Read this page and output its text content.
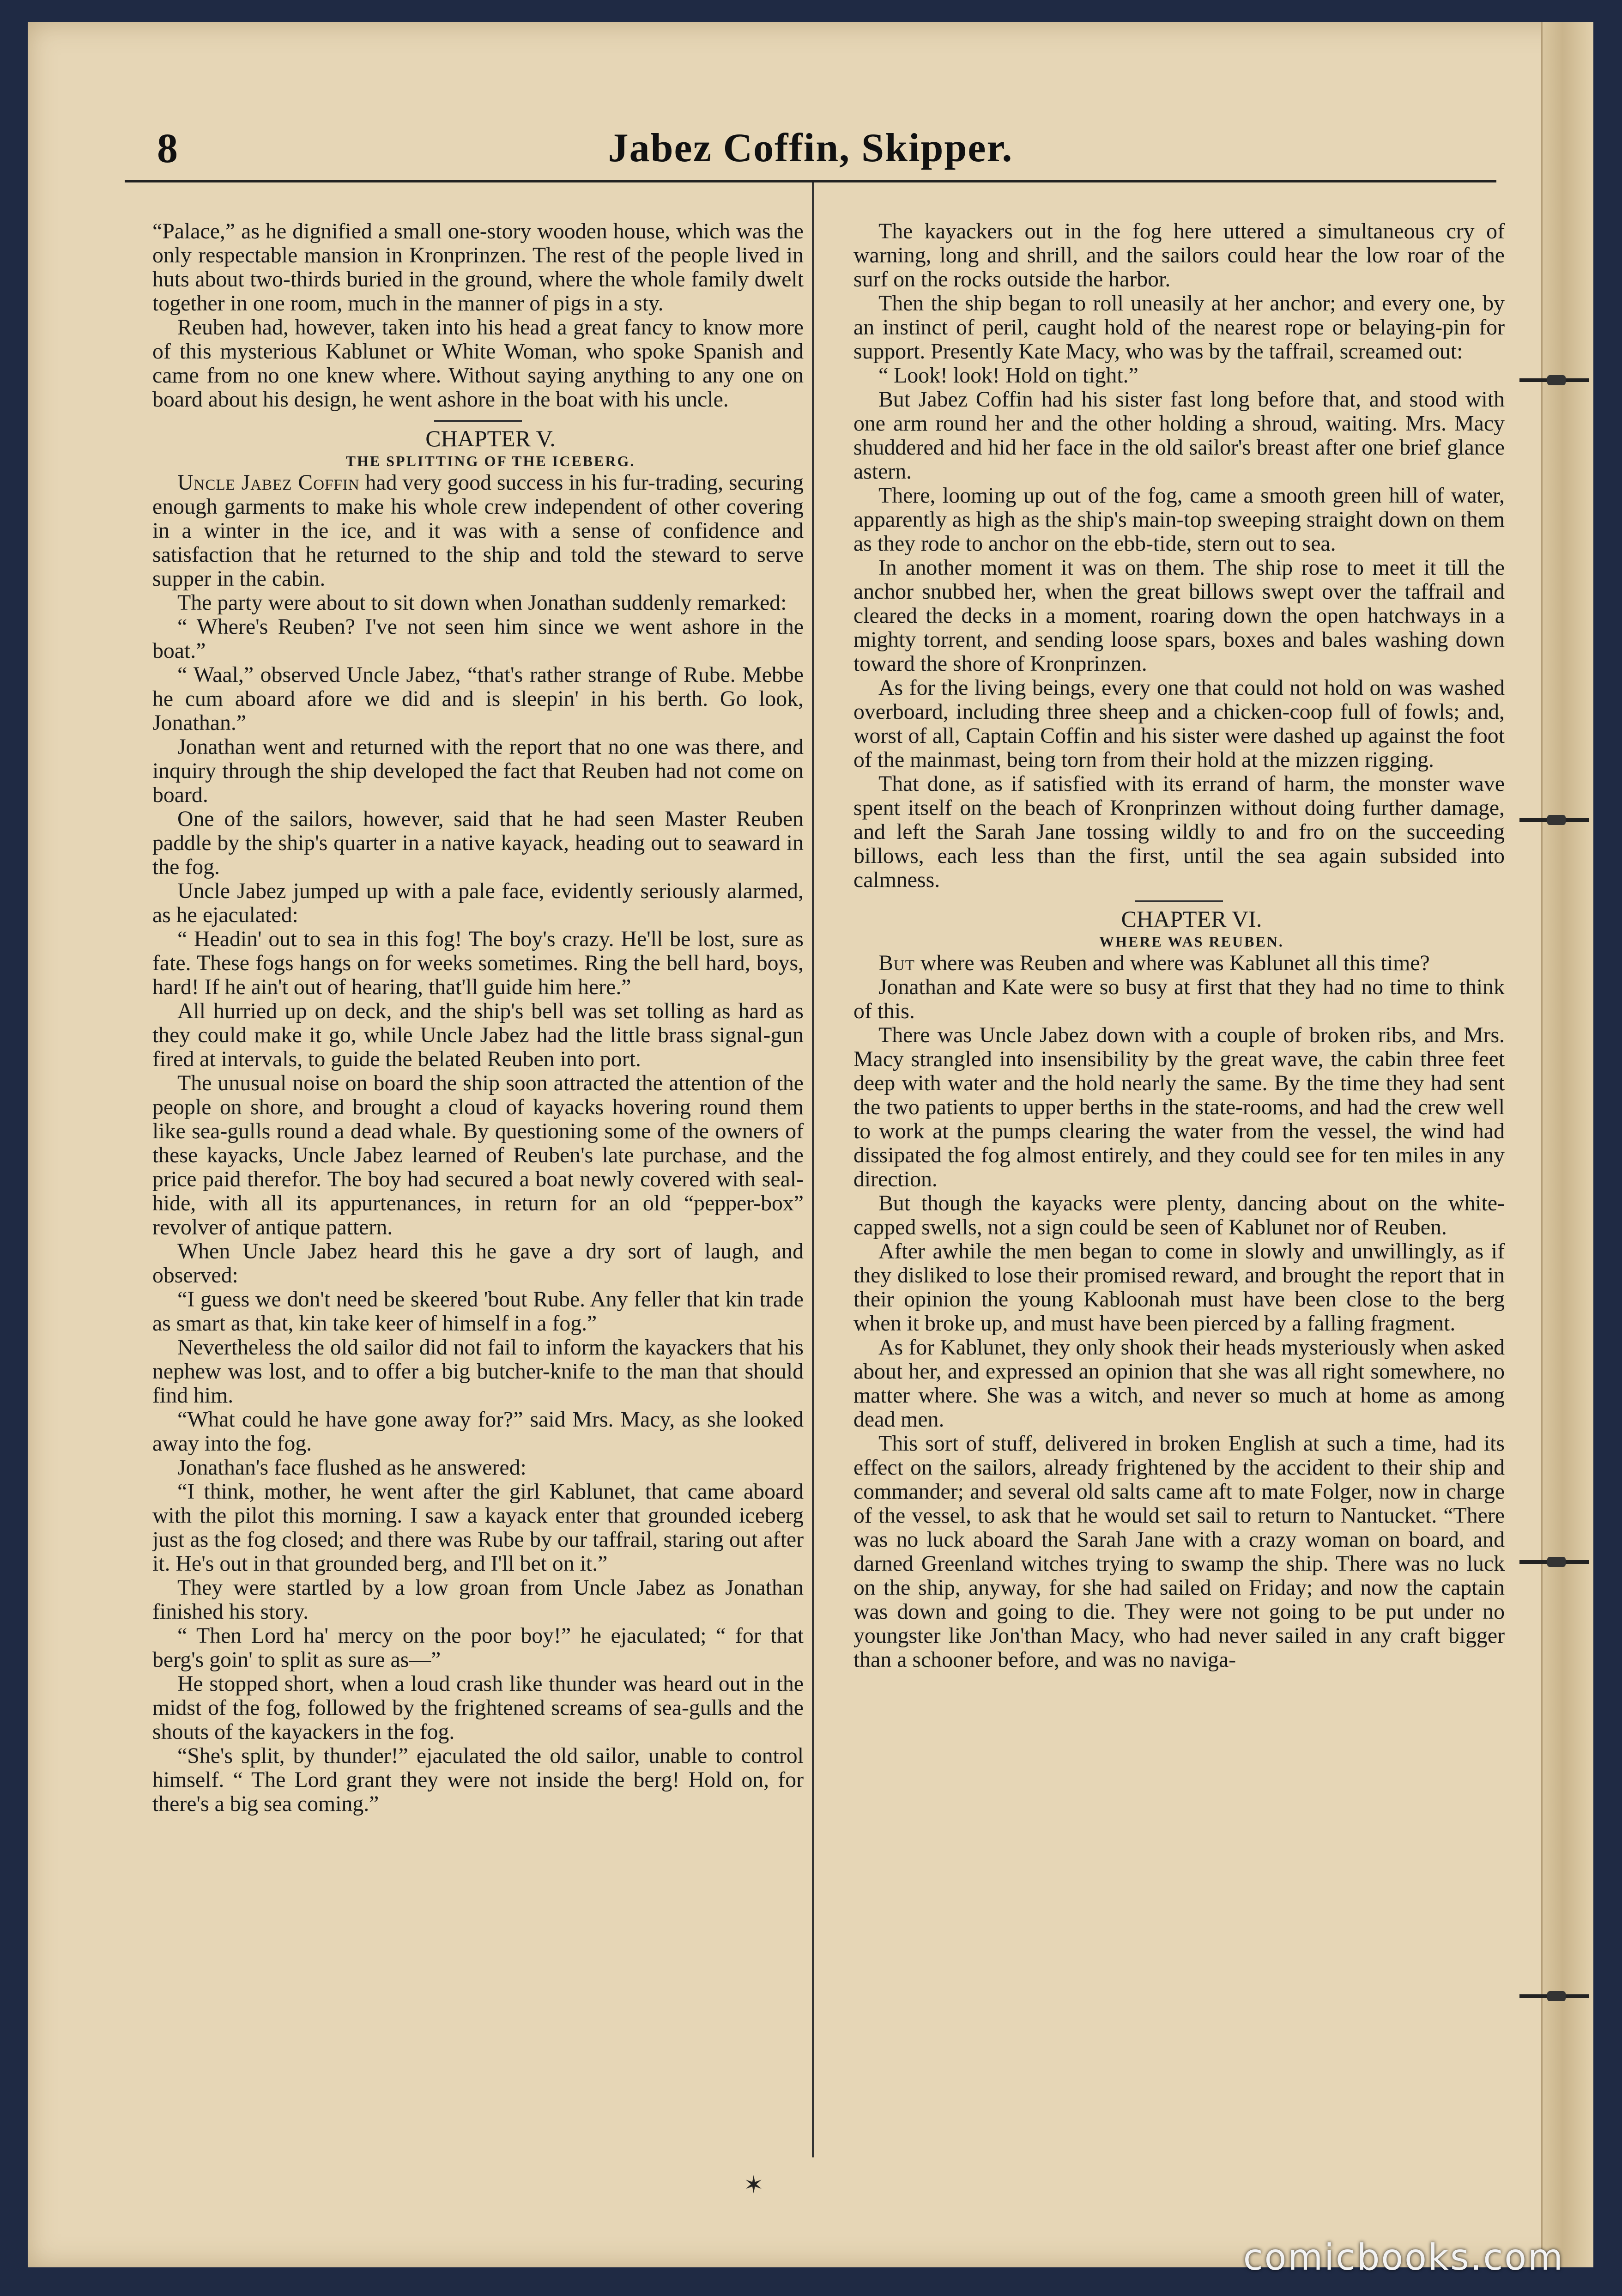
8	Jabez Coffin, Skipper.

“Palace,” as he dignified a small one-story wooden house, which was the only respectable mansion in Kronprinzen. The rest of the people lived in huts about two-thirds buried in the ground, where the whole family dwelt together in one room, much in the manner of pigs in a sty.

Reuben had, however, taken into his head a great fancy to know more of this mysterious Kablunet or White Woman, who spoke Spanish and came from no one knew where. Without saying anything to any one on board about his design, he went ashore in the boat with his uncle.

CHAPTER V.

THE SPLITTING OF THE ICEBERG.

Uncle Jabez Coffin had very good success in his fur-trading, securing enough garments to make his whole crew independent of other covering in a winter in the ice, and it was with a sense of confidence and satisfaction that he returned to the ship and told the steward to serve supper in the cabin.

The party were about to sit down when Jonathan suddenly remarked:

“ Where's Reuben? I've not seen him since we went ashore in the boat.”

“ Waal,” observed Uncle Jabez, “that's rather strange of Rube. Mebbe he cum aboard afore we did and is sleepin' in his berth. Go look, Jonathan.”

Jonathan went and returned with the report that no one was there, and inquiry through the ship developed the fact that Reuben had not come on board.

One of the sailors, however, said that he had seen Master Reuben paddle by the ship's quarter in a native kayack, heading out to seaward in the fog.

Uncle Jabez jumped up with a pale face, evidently seriously alarmed, as he ejaculated:

“ Headin' out to sea in this fog! The boy's crazy. He'll be lost, sure as fate. These fogs hangs on for weeks sometimes. Ring the bell hard, boys, hard! If he ain't out of hearing, that'll guide him here.”

All hurried up on deck, and the ship's bell was set tolling as hard as they could make it go, while Uncle Jabez had the little brass signal-gun fired at intervals, to guide the belated Reuben into port.

The unusual noise on board the ship soon attracted the attention of the people on shore, and brought a cloud of kayacks hovering round them like sea-gulls round a dead whale. By questioning some of the owners of these kayacks, Uncle Jabez learned of Reuben's late purchase, and the price paid therefor. The boy had secured a boat newly covered with seal-hide, with all its appurtenances, in return for an old “pepper-box” revolver of antique pattern.

When Uncle Jabez heard this he gave a dry sort of laugh, and observed:

“I guess we don't need be skeered 'bout Rube. Any feller that kin trade as smart as that, kin take keer of himself in a fog.”

Nevertheless the old sailor did not fail to inform the kayackers that his nephew was lost, and to offer a big butcher-knife to the man that should find him.

“What could he have gone away for?” said Mrs. Macy, as she looked away into the fog.

Jonathan's face flushed as he answered:

“I think, mother, he went after the girl Kablunet, that came aboard with the pilot this morning. I saw a kayack enter that grounded iceberg just as the fog closed; and there was Rube by our taffrail, staring out after it. He's out in that grounded berg, and I'll bet on it.”

They were startled by a low groan from Uncle Jabez as Jonathan finished his story.

“ Then Lord ha' mercy on the poor boy!” he ejaculated; “ for that berg's goin' to split as sure as—”

He stopped short, when a loud crash like thunder was heard out in the midst of the fog, followed by the frightened screams of sea-gulls and the shouts of the kayackers in the fog.

“She's split, by thunder!” ejaculated the old sailor, unable to control himself. “ The Lord grant they were not inside the berg! Hold on, for there's a big sea coming.”

The kayackers out in the fog here uttered a simultaneous cry of warning, long and shrill, and the sailors could hear the low roar of the surf on the rocks outside the harbor.

Then the ship began to roll uneasily at her anchor; and every one, by an instinct of peril, caught hold of the nearest rope or belaying-pin for support. Presently Kate Macy, who was by the taffrail, screamed out:

“ Look! look! Hold on tight.”

But Jabez Coffin had his sister fast long before that, and stood with one arm round her and the other holding a shroud, waiting. Mrs. Macy shuddered and hid her face in the old sailor's breast after one brief glance astern.

There, looming up out of the fog, came a smooth green hill of water, apparently as high as the ship's main-top sweeping straight down on them as they rode to anchor on the ebb-tide, stern out to sea.

In another moment it was on them. The ship rose to meet it till the anchor snubbed her, when the great billows swept over the taffrail and cleared the decks in a moment, roaring down the open hatchways in a mighty torrent, and sending loose spars, boxes and bales washing down toward the shore of Kronprinzen.

As for the living beings, every one that could not hold on was washed overboard, including three sheep and a chicken-coop full of fowls; and, worst of all, Captain Coffin and his sister were dashed up against the foot of the mainmast, being torn from their hold at the mizzen rigging.

That done, as if satisfied with its errand of harm, the monster wave spent itself on the beach of Kronprinzen without doing further damage, and left the Sarah Jane tossing wildly to and fro on the succeeding billows, each less than the first, until the sea again subsided into calmness.

CHAPTER VI.

WHERE WAS REUBEN.

But where was Reuben and where was Kablunet all this time?

Jonathan and Kate were so busy at first that they had no time to think of this.

There was Uncle Jabez down with a couple of broken ribs, and Mrs. Macy strangled into insensibility by the great wave, the cabin three feet deep with water and the hold nearly the same. By the time they had sent the two patients to upper berths in the state-rooms, and had the crew well to work at the pumps clearing the water from the vessel, the wind had dissipated the fog almost entirely, and they could see for ten miles in any direction.

But though the kayacks were plenty, dancing about on the white-capped swells, not a sign could be seen of Kablunet nor of Reuben.

After awhile the men began to come in slowly and unwillingly, as if they disliked to lose their promised reward, and brought the report that in their opinion the young Kabloonah must have been close to the berg when it broke up, and must have been pierced by a falling fragment.

As for Kablunet, they only shook their heads mysteriously when asked about her, and expressed an opinion that she was all right somewhere, no matter where. She was a witch, and never so much at home as among dead men.

This sort of stuff, delivered in broken English at such a time, had its effect on the sailors, already frightened by the accident to their ship and commander; and several old salts came aft to mate Folger, now in charge of the vessel, to ask that he would set sail to return to Nantucket. “There was no luck aboard the Sarah Jane with a crazy woman on board, and darned Greenland witches trying to swamp the ship. There was no luck on the ship, anyway, for she had sailed on Friday; and now the captain was down and going to die. They were not going to be put under no youngster like Jon'than Macy, who had never sailed in any craft bigger than a schooner before, and was no naviga-

✶
comicbooks.com
